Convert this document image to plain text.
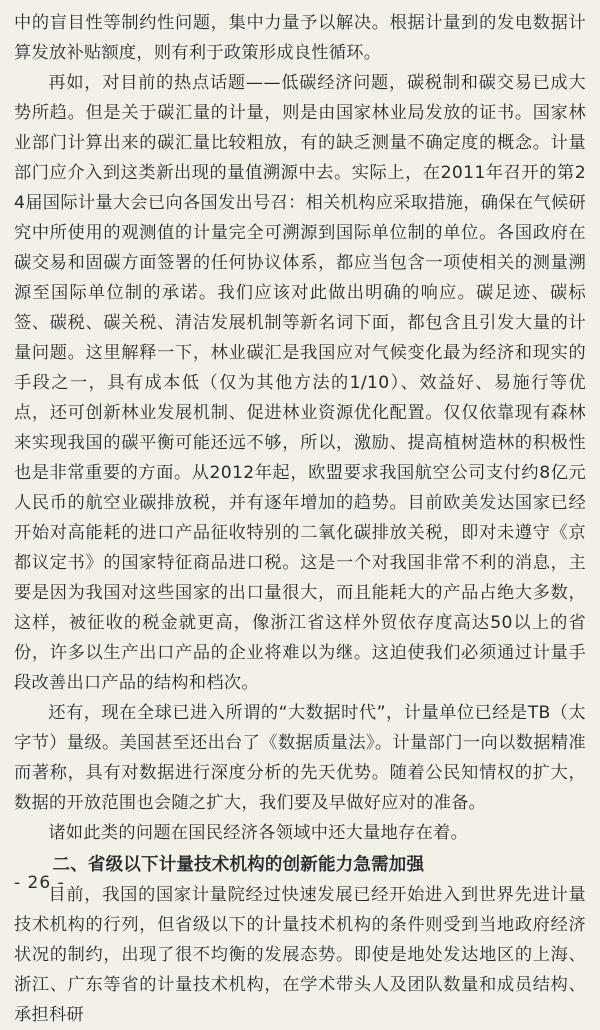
中的盲目性等制约性问题，集中力量予以解决。根据计量到的发电数据计算发放补贴额度，则有利于政策形成良性循环。

再如，对目前的热点话题——低碳经济问题，碳税制和碳交易已成大势所趋。但是关于碳汇量的计量，则是由国家林业局发放的证书。国家林业部门计算出来的碳汇量比较粗放，有的缺乏测量不确定度的概念。计量部门应介入到这类新出现的量值溯源中去。实际上，在2011年召开的第24届国际计量大会已向各国发出号召：相关机构应采取措施，确保在气候研究中所使用的观测值的计量完全可溯源到国际单位制的单位。各国政府在碳交易和固碳方面签署的任何协议体系，都应当包含一项使相关的测量溯源至国际单位制的承诺。我们应该对此做出明确的响应。碳足迹、碳标签、碳税、碳关税、清洁发展机制等新名词下面，都包含且引发大量的计量问题。这里解释一下，林业碳汇是我国应对气候变化最为经济和现实的手段之一，具有成本低（仅为其他方法的1/10）、效益好、易施行等优点，还可创新林业发展机制、促进林业资源优化配置。仅仅依靠现有森林来实现我国的碳平衡可能还远不够，所以，激励、提高植树造林的积极性也是非常重要的方面。从2012年起，欧盟要求我国航空公司支付约8亿元人民币的航空业碳排放税，并有逐年增加的趋势。目前欧美发达国家已经开始对高能耗的进口产品征收特别的二氧化碳排放关税，即对未遵守《京都议定书》的国家特征商品进口税。这是一个对我国非常不利的消息，主要是因为我国对这些国家的出口量很大，而且能耗大的产品占绝大多数，这样，被征收的税金就更高，像浙江省这样外贸依存度高达50以上的省份，许多以生产出口产品的企业将难以为继。这迫使我们必须通过计量手段改善出口产品的结构和档次。

还有，现在全球已进入所谓的“大数据时代”，计量单位已经是TB（太字节）量级。美国甚至还出台了《数据质量法》。计量部门一向以数据精准而著称，具有对数据进行深度分析的先天优势。随着公民知情权的扩大，数据的开放范围也会随之扩大，我们要及早做好应对的准备。

诸如此类的问题在国民经济各领域中还大量地存在着。

二、省级以下计量技术机构的创新能力急需加强

目前，我国的国家计量院经过快速发展已经开始进入到世界先进计量技术机构的行列，但省级以下的计量技术机构的条件则受到当地政府经济状况的制约，出现了很不均衡的发展态势。即使是地处发达地区的上海、浙江、广东等省的计量技术机构，在学术带头人及团队数量和成员结构、承担科研

- 26 -
